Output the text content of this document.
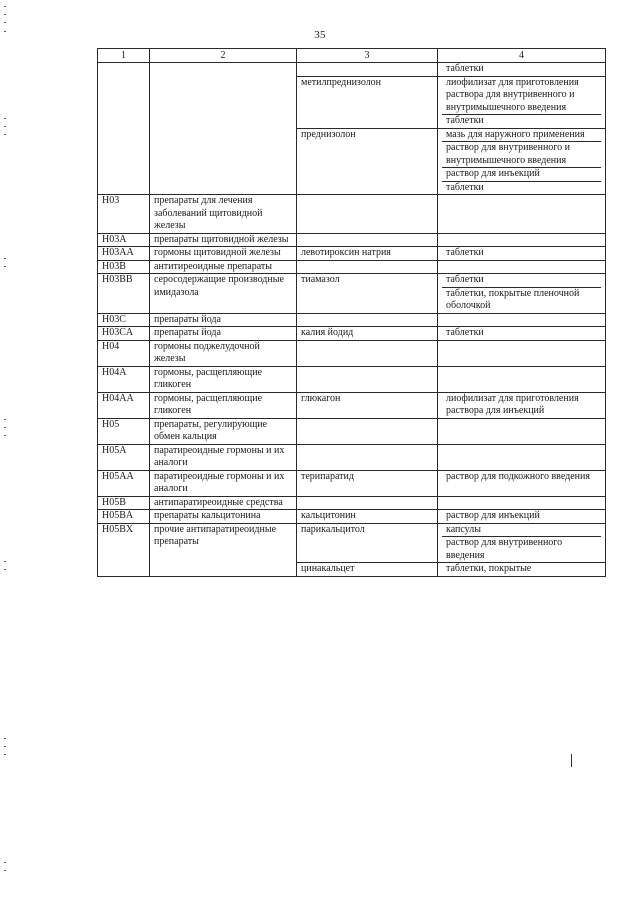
35
1	2	3	4

			таблетки

		метилпреднизолон	лиофилизат для приготовления раствора для внутривенного и внутримышечного введения
таблетки

		преднизолон	мазь для наружного применения
раствор для внутривенного и внутримышечного введения
раствор для инъекций
таблетки

H03	препараты для лечения заболеваний щитовидной железы		
H03A	препараты щитовидной железы		
H03AA	гормоны щитовидной железы	левотироксин натрия	таблетки

H03B	антитиреоидные препараты		
H03BB	серосодержащие производные имидазола	тиамазол	таблетки
таблетки, покрытые пленочной оболочкой

H03C	препараты йода		
H03CA	препараты йода	калия йодид	таблетки

H04	гормоны поджелудочной железы		
H04A	гормоны, расщепляющие гликоген		
H04AA	гормоны, расщепляющие гликоген	глюкагон	лиофилизат для приготовления раствора для инъекций

H05	препараты, регулирующие обмен кальция		
H05A	паратиреоидные гормоны и их аналоги		
H05AA	паратиреоидные гормоны и их аналоги	терипаратид	раствор для подкожного введения

H05B	антипаратиреоидные средства		
H05BA	препараты кальцитонина	кальцитонин	раствор для инъекций

H05BX	прочие антипаратиреоидные препараты	парикальцитол	капсулы
раствор для внутривенного введения

		цинакальцет	таблетки, покрытые
